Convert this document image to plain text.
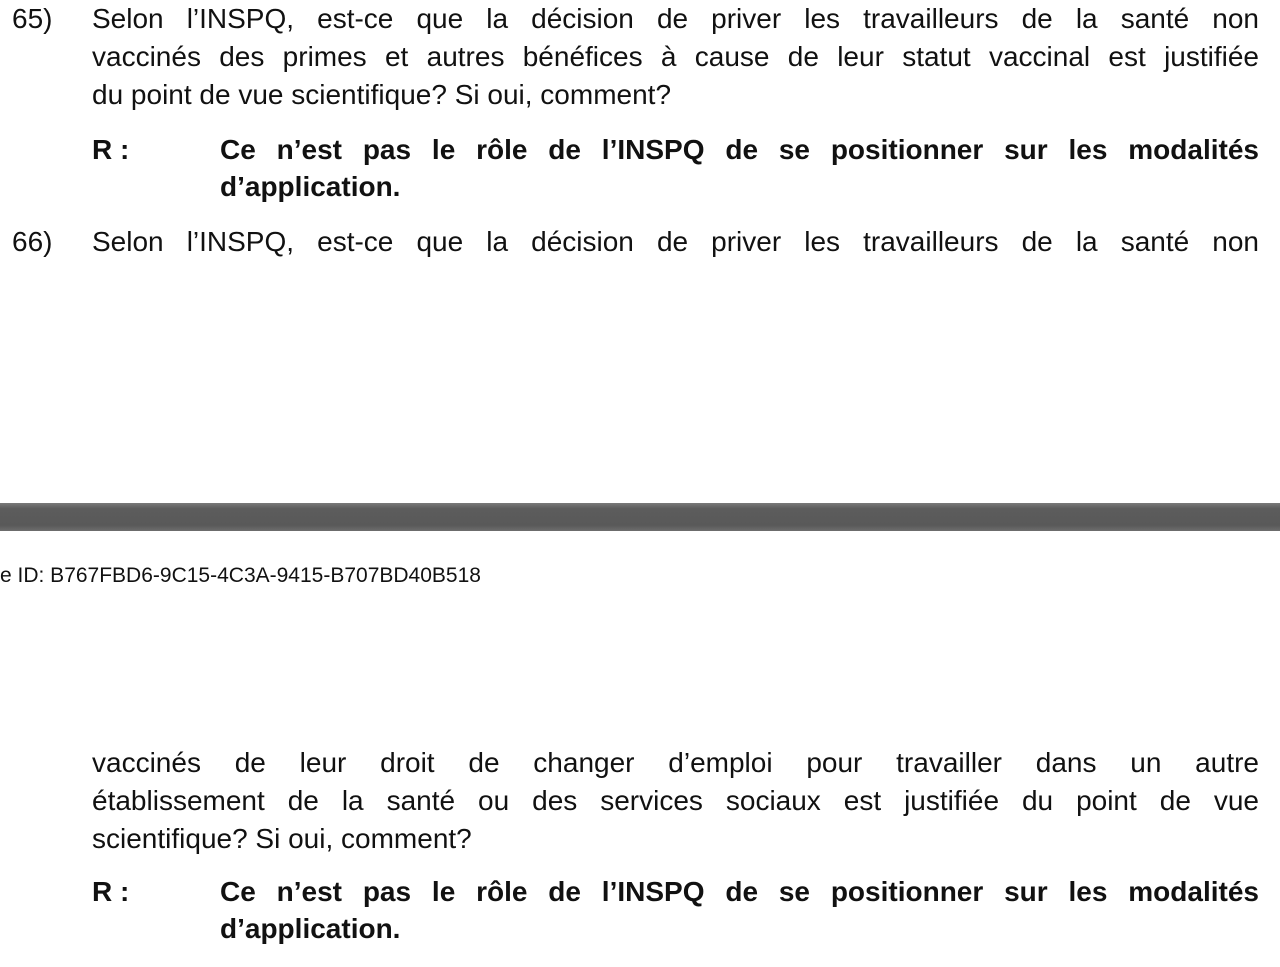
65) Selon l’INSPQ, est-ce que la décision de priver les travailleurs de la santé non
vaccinés des primes et autres bénéfices à cause de leur statut vaccinal est justifiée
du point de vue scientifique? Si oui, comment?
R :	Ce n’est pas le rôle de l’INSPQ de se positionner sur les modalités
d’application.
66) Selon l’INSPQ, est-ce que la décision de priver les travailleurs de la santé non
e ID: B767FBD6-9C15-4C3A-9415-B707BD40B518
vaccinés de leur droit de changer d’emploi pour travailler dans un autre
établissement de la santé ou des services sociaux est justifiée du point de vue
scientifique? Si oui, comment?
R :	Ce n’est pas le rôle de l’INSPQ de se positionner sur les modalités
d’application.
